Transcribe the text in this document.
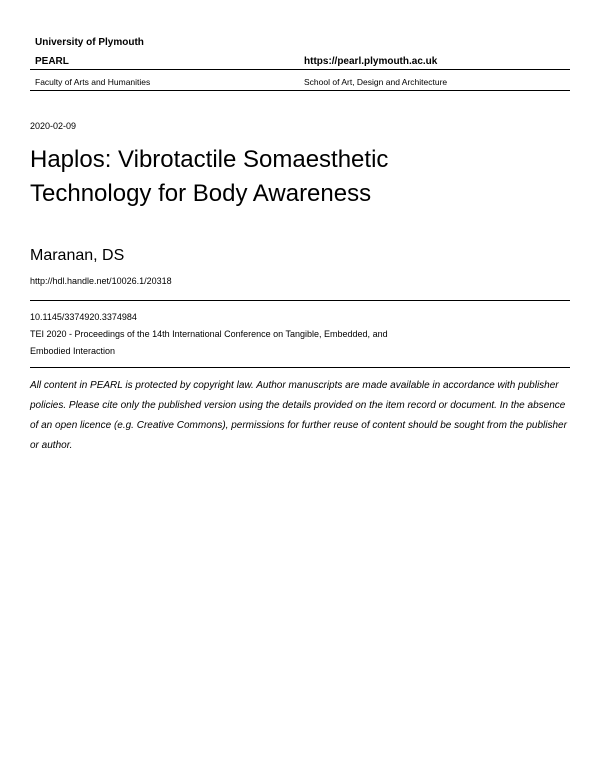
University of Plymouth
PEARL	https://pearl.plymouth.ac.uk
Faculty of Arts and Humanities	School of Art, Design and Architecture
2020-02-09
Haplos: Vibrotactile Somaesthetic
Technology for Body Awareness
Maranan, DS
http://hdl.handle.net/10026.1/20318
10.1145/3374920.3374984
TEI 2020 - Proceedings of the 14th International Conference on Tangible, Embedded, and
Embodied Interaction
All content in PEARL is protected by copyright law. Author manuscripts are made available in accordance with publisher policies. Please cite only the published version using the details provided on the item record or document. In the absence of an open licence (e.g. Creative Commons), permissions for further reuse of content should be sought from the publisher or author.
